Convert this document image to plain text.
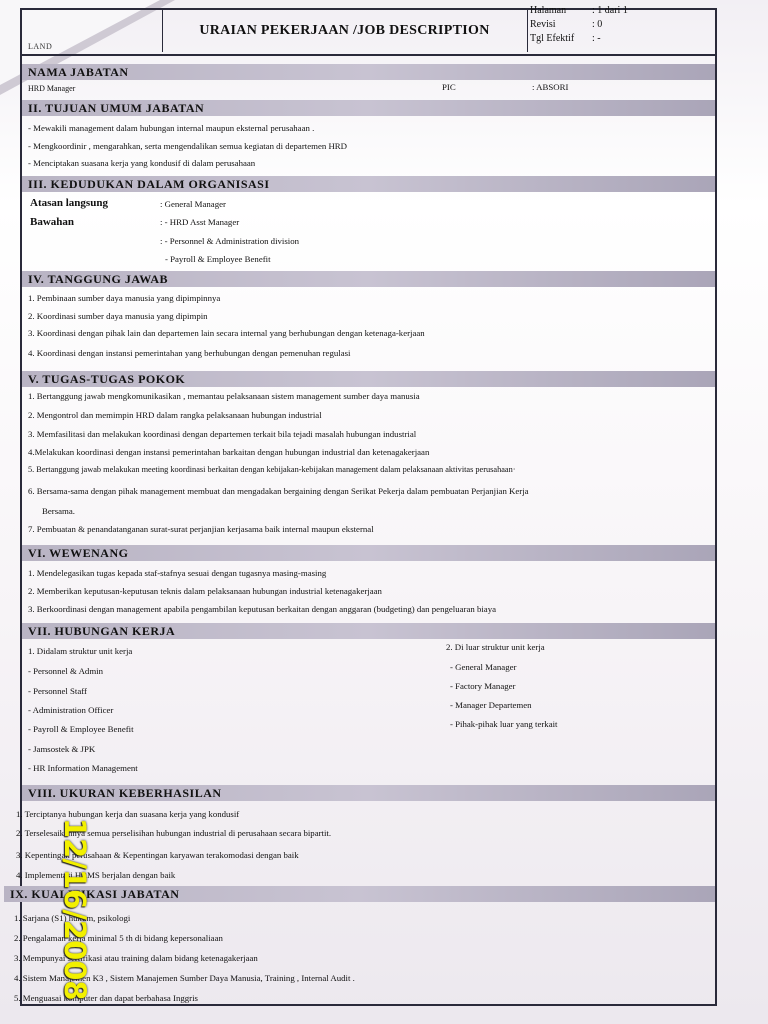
LAND
URAIAN PEKERJAAN /JOB DESCRIPTION
Halaman	: 1 dari 1
Revisi	: 0
Tgl Efektif	: -
NAMA JABATAN
HRD Manager	PIC	: ABSORI
II. TUJUAN UMUM JABATAN
- Mewakili management dalam hubungan internal maupun eksternal perusahaan .
- Mengkoordinir , mengarahkan, serta mengendalikan semua kegiatan di departemen HRD
- Menciptakan suasana kerja yang kondusif di dalam perusahaan
III. KEDUDUKAN DALAM ORGANISASI
Atasan langsung	: General Manager
Bawahan	: - HRD Asst Manager
: - Personnel & Administration division
- Payroll & Employee Benefit
IV. TANGGUNG JAWAB
1. Pembinaan sumber daya manusia yang dipimpinnya
2. Koordinasi sumber daya manusia yang dipimpin
3. Koordinasi dengan pihak lain dan departemen lain secara internal yang berhubungan dengan ketenaga-kerjaan
4. Koordinasi dengan instansi pemerintahan yang berhubungan dengan pemenuhan regulasi
V. TUGAS-TUGAS POKOK
1. Bertanggung jawab mengkomunikasikan , memantau pelaksanaan sistem management sumber daya manusia
2. Mengontrol dan memimpin HRD dalam rangka pelaksanaan hubungan industrial
3. Memfasilitasi dan melakukan koordinasi dengan departemen terkait bila tejadi masalah hubungan industrial
4.Melakukan koordinasi dengan instansi pemerintahan barkaitan dengan hubungan industrial dan ketenagakerjaan
5. Bertanggung jawab melakukan meeting koordinasi berkaitan dengan kebijakan-kebijakan management dalam pelaksanaan aktivitas perusahaan·
6. Bersama-sama dengan pihak management membuat dan mengadakan bergaining dengan Serikat Pekerja dalam pembuatan Perjanjian Kerja
Bersama.
7. Pembuatan & penandatanganan surat-surat perjanjian kerjasama baik internal maupun eksternal
VI. WEWENANG
1. Mendelegasikan tugas kepada staf-stafnya sesuai dengan tugasnya masing-masing
2. Memberikan keputusan-keputusan teknis dalam pelaksanaan hubungan industrial ketenagakerjaan
3. Berkoordinasi dengan management apabila pengambilan keputusan berkaitan dengan anggaran (budgeting) dan pengeluaran biaya
VII. HUBUNGAN KERJA
1. Didalam struktur unit kerja
- Personnel & Admin
- Personnel Staff
- Administration Officer
- Payroll & Employee Benefit
- Jamsostek & JPK
- HR Information Management
2. Di luar struktur unit kerja
- General Manager
- Factory Manager
- Manager Departemen
- Pihak-pihak luar yang terkait
VIII. UKURAN KEBERHASILAN
1. Terciptanya hubungan kerja dan suasana kerja yang kondusif
2. Terselesaikannya semua perselisihan hubungan industrial di perusahaan secara bipartit.
3. Kepentingan perusahaan & Kepentingan karyawan terakomodasi dengan baik
4. Implementasi HRMS berjalan dengan baik
IX. KUALIFIKASI JABATAN
1. Sarjana (S1) hukum, psikologi
2. Pengalaman kerja minimal 5 th di bidang kepersonaliaan
3. Mempunyai sertifikasi atau training dalam bidang ketenagakerjaan
4. Sistem Manajemen K3 , Sistem Manajemen Sumber Daya Manusia, Training , Internal Audit .
5. Menguasai komputer dan dapat berbahasa Inggris
12/16/2008
